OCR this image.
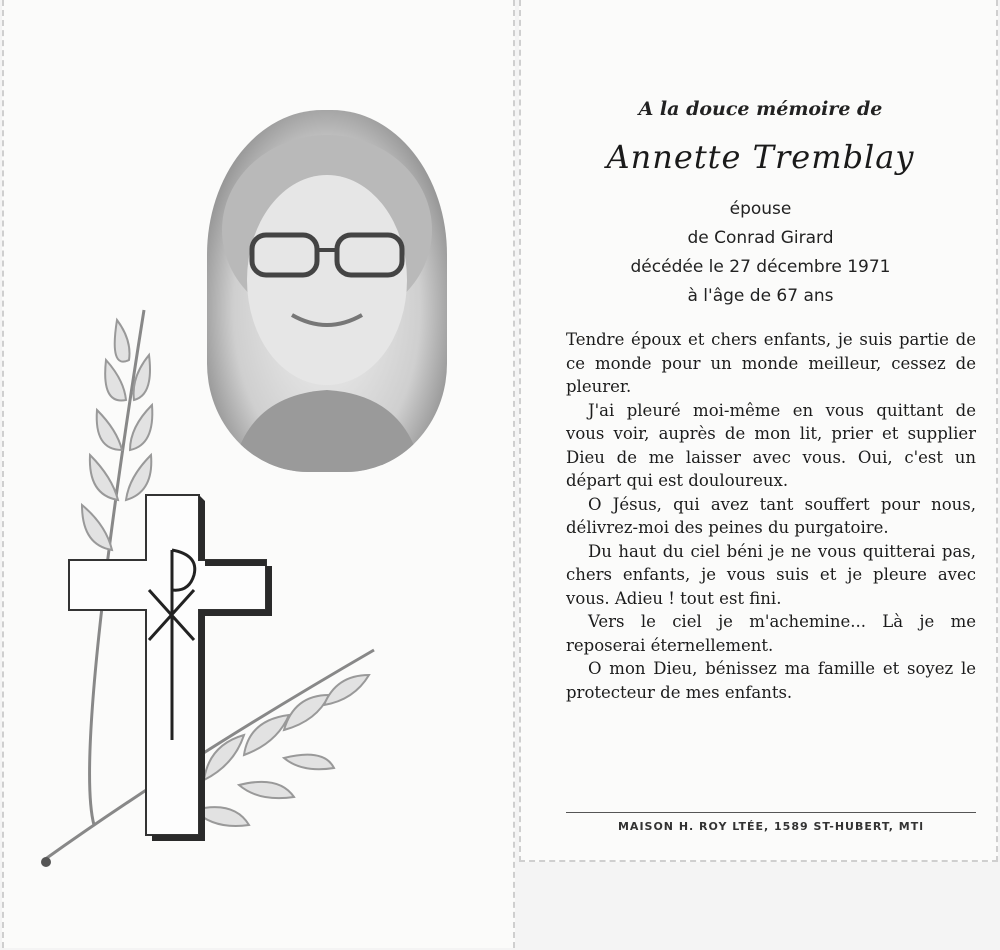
A la douce mémoire de
Annette Tremblay
épouse
de Conrad Girard
décédée le 27 décembre 1971
à l'âge de 67 ans

Tendre époux et chers enfants, je suis partie de ce monde pour un monde meilleur, cessez de pleurer.

J'ai pleuré moi-même en vous quittant de vous voir, auprès de mon lit, prier et supplier Dieu de me laisser avec vous. Oui, c'est un départ qui est douloureux.

O Jésus, qui avez tant souffert pour nous, délivrez-moi des peines du purgatoire.

Du haut du ciel béni je ne vous quitterai pas, chers enfants, je vous suis et je pleure avec vous. Adieu ! tout est fini.

Vers le ciel je m'achemine... Là je me reposerai éternellement.

O mon Dieu, bénissez ma famille et soyez le protecteur de mes enfants.

MAISON H. ROY LTÉE, 1589 ST-HUBERT, MTl
